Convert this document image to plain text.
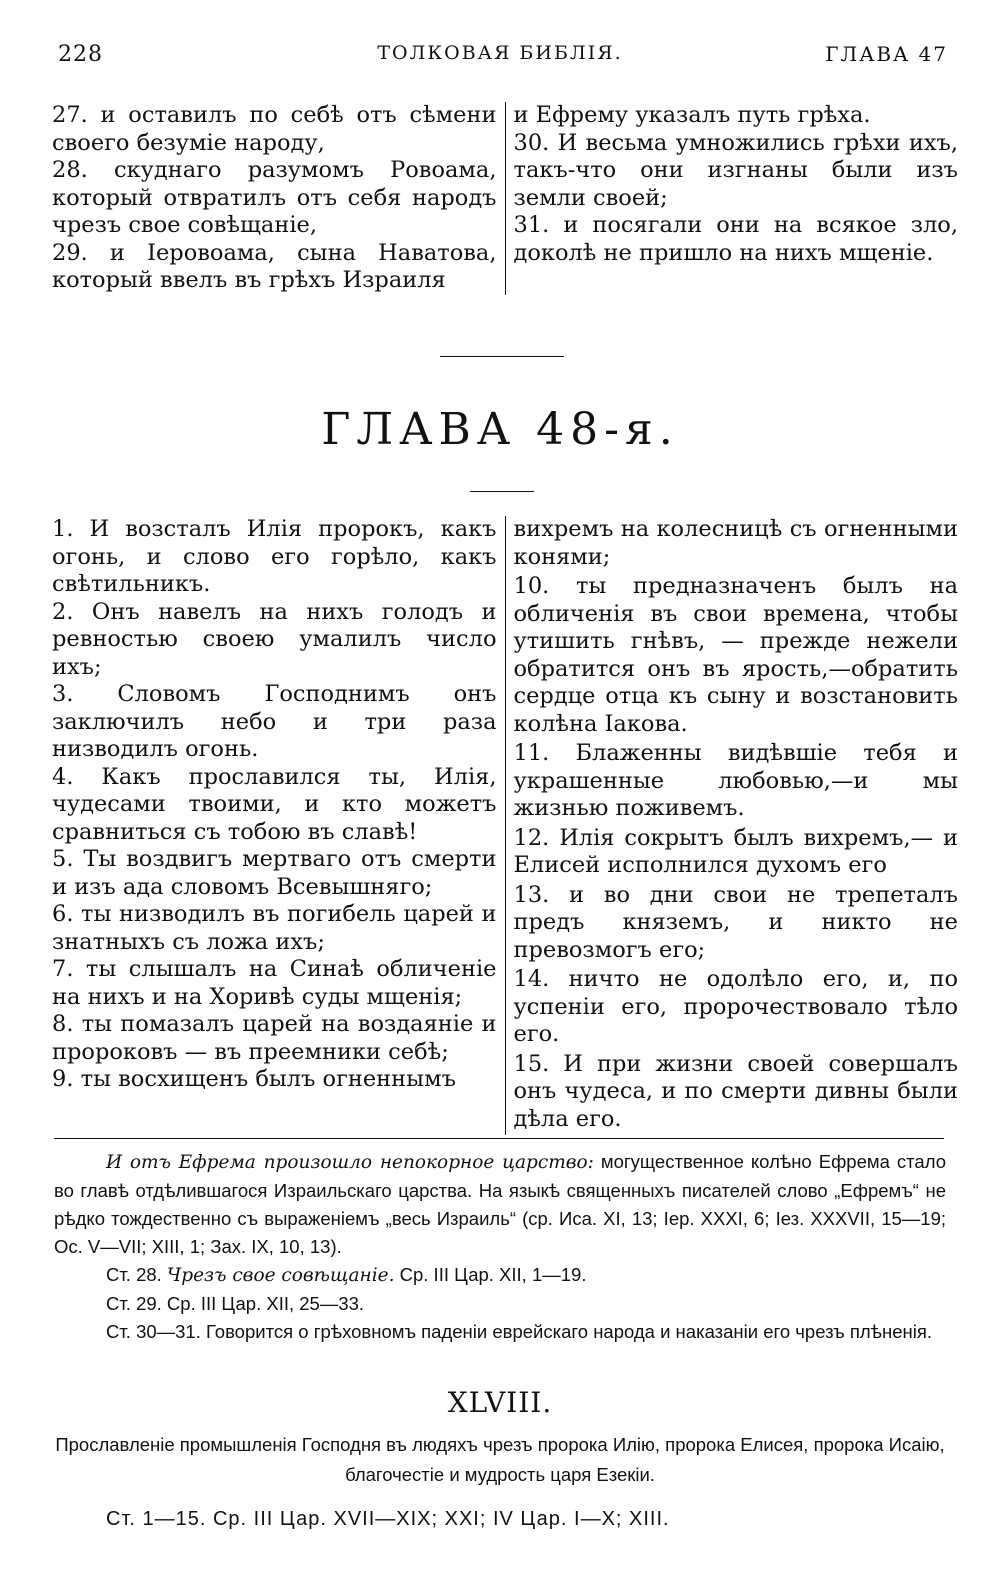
228	ТОЛКОВАЯ БИБЛІЯ.	ГЛАВА 47
27. и оставилъ по себѣ отъ сѣмени своего безуміе народу,
28. скуднаго разумомъ Ровоама, который отвратилъ отъ себя народъ чрезъ свое совѣщаніе,
29. и Іеровоама, сына Наватова, который ввелъ въ грѣхъ Израиля
и Ефрему указалъ путь грѣха.
30. И весьма умножились грѣхи ихъ, такъ-что они изгнаны были изъ земли своей;
31. и посягали они на всякое зло, доколѣ не пришло на нихъ мщеніе.
ГЛАВА 48-я.
1. И возсталъ Илія пророкъ, какъ огонь, и слово его горѣло, какъ свѣтильникъ.
2. Онъ навелъ на нихъ голодъ и ревностью своею умалилъ число ихъ;
3. Словомъ Господнимъ онъ заключилъ небо и три раза низводилъ огонь.
4. Какъ прославился ты, Илія, чудесами твоими, и кто можетъ сравниться съ тобою въ славѣ!
5. Ты воздвигъ мертваго отъ смерти и изъ ада словомъ Всевышняго;
6. ты низводилъ въ погибель царей и знатныхъ съ ложа ихъ;
7. ты слышалъ на Синаѣ обличеніе на нихъ и на Хоривѣ суды мщенія;
8. ты помазалъ царей на воздаяніе и пророковъ — въ преемники себѣ;
9. ты восхищенъ былъ огненнымъ
вихремъ на колесницѣ съ огненными конями;
10. ты предназначенъ былъ на обличенія въ свои времена, чтобы утишить гнѣвъ, — прежде нежели обратится онъ въ ярость,—обратить сердце отца къ сыну и возстановить колѣна Іакова.
11. Блаженны видѣвшіе тебя и украшенные любовью,—и мы жизнью поживемъ.
12. Илія сокрытъ былъ вихремъ,— и Елисей исполнился духомъ его
13. и во дни свои не трепеталъ предъ княземъ, и никто не превозмогъ его;
14. ничто не одолѣло его, и, по успеніи его, пророчествовало тѣло его.
15. И при жизни своей совершалъ онъ чудеса, и по смерти дивны были дѣла его.

И отъ Ефрема произошло непокорное царство: могущественное колѣно Ефрема стало во главѣ отдѣлившагося Израильскаго царства. На языкѣ священныхъ писателей слово „Ефремъ“ не рѣдко тождественно съ выраженіемъ „весь Израиль“ (ср. Иса. XI, 13; Іер. XXXI, 6; Іез. XXXVII, 15—19; Ос. V—VII; XIII, 1; Зах. IX, 10, 13).

Ст. 28. Чрезъ свое совѣщаніе. Ср. III Цар. XII, 1—19.

Ст. 29. Ср. III Цар. XII, 25—33.

Ст. 30—31. Говорится о грѣховномъ паденіи еврейскаго народа и наказаніи его чрезъ плѣненія.

XLVIII.
Прославленіе промышленія Господня въ людяхъ чрезъ пророка Илію, пророка Елисея, пророка Исаію, благочестіе и мудрость царя Езекіи.
Ст. 1—15. Ср. III Цар. XVII—XIX; XXI; IV Цар. I—X; XIII.
